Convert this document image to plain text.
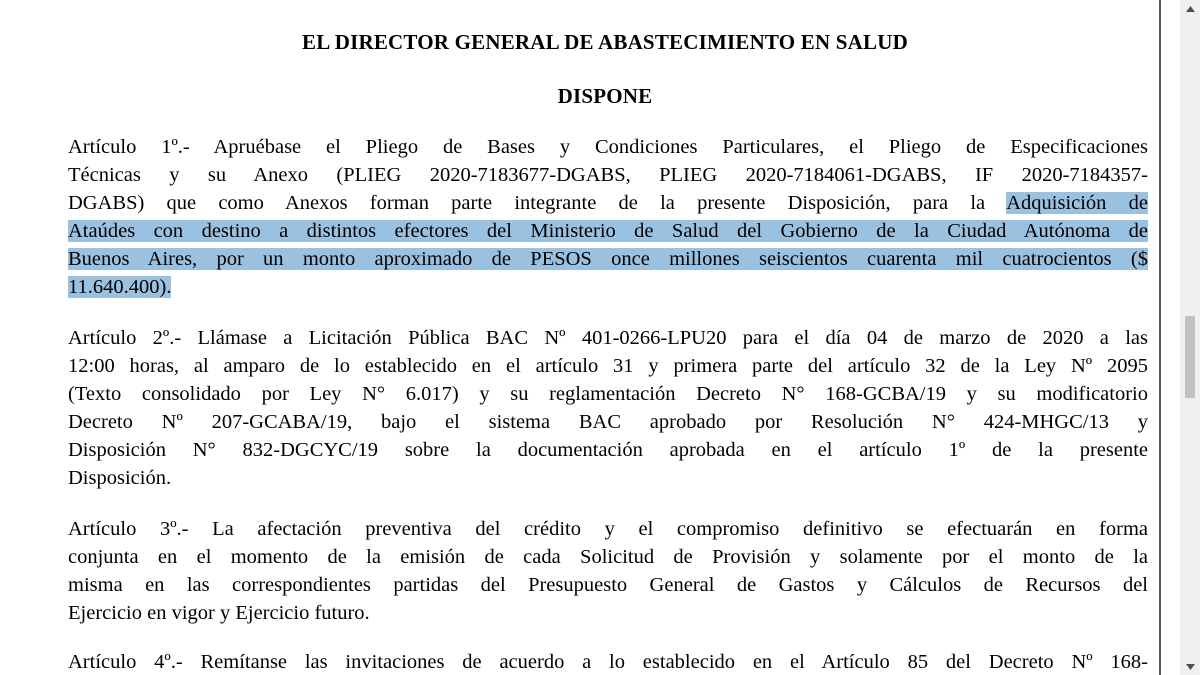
EL DIRECTOR GENERAL DE ABASTECIMIENTO EN SALUD
DISPONE
Artículo 1º.- Apruébase el Pliego de Bases y Condiciones Particulares, el Pliego de Especificaciones
Técnicas y su Anexo (PLIEG 2020-7183677-DGABS, PLIEG 2020-7184061-DGABS, IF 2020-7184357-
DGABS) que como Anexos forman parte integrante de la presente Disposición, para la Adquisición de
Ataúdes con destino a distintos efectores del Ministerio de Salud del Gobierno de la Ciudad Autónoma de
Buenos Aires, por un monto aproximado de PESOS once millones seiscientos cuarenta mil cuatrocientos ($
11.640.400).
Artículo 2º.- Llámase a Licitación Pública BAC Nº 401-0266-LPU20 para el día 04 de marzo de 2020 a las
12:00 horas, al amparo de lo establecido en el artículo 31 y primera parte del artículo 32 de la Ley Nº 2095
(Texto consolidado por Ley N° 6.017) y su reglamentación Decreto N° 168-GCBA/19 y su modificatorio
Decreto Nº 207-GCABA/19, bajo el sistema BAC aprobado por Resolución N° 424-MHGC/13 y
Disposición N° 832-DGCYC/19 sobre la documentación aprobada en el artículo 1º de la presente
Disposición.
Artículo 3º.- La afectación preventiva del crédito y el compromiso definitivo se efectuarán en forma
conjunta en el momento de la emisión de cada Solicitud de Provisión y solamente por el monto de la
misma en las correspondientes partidas del Presupuesto General de Gastos y Cálculos de Recursos del
Ejercicio en vigor y Ejercicio futuro.
Artículo 4º.- Remítanse las invitaciones de acuerdo a lo establecido en el Artículo 85 del Decreto Nº 168-
